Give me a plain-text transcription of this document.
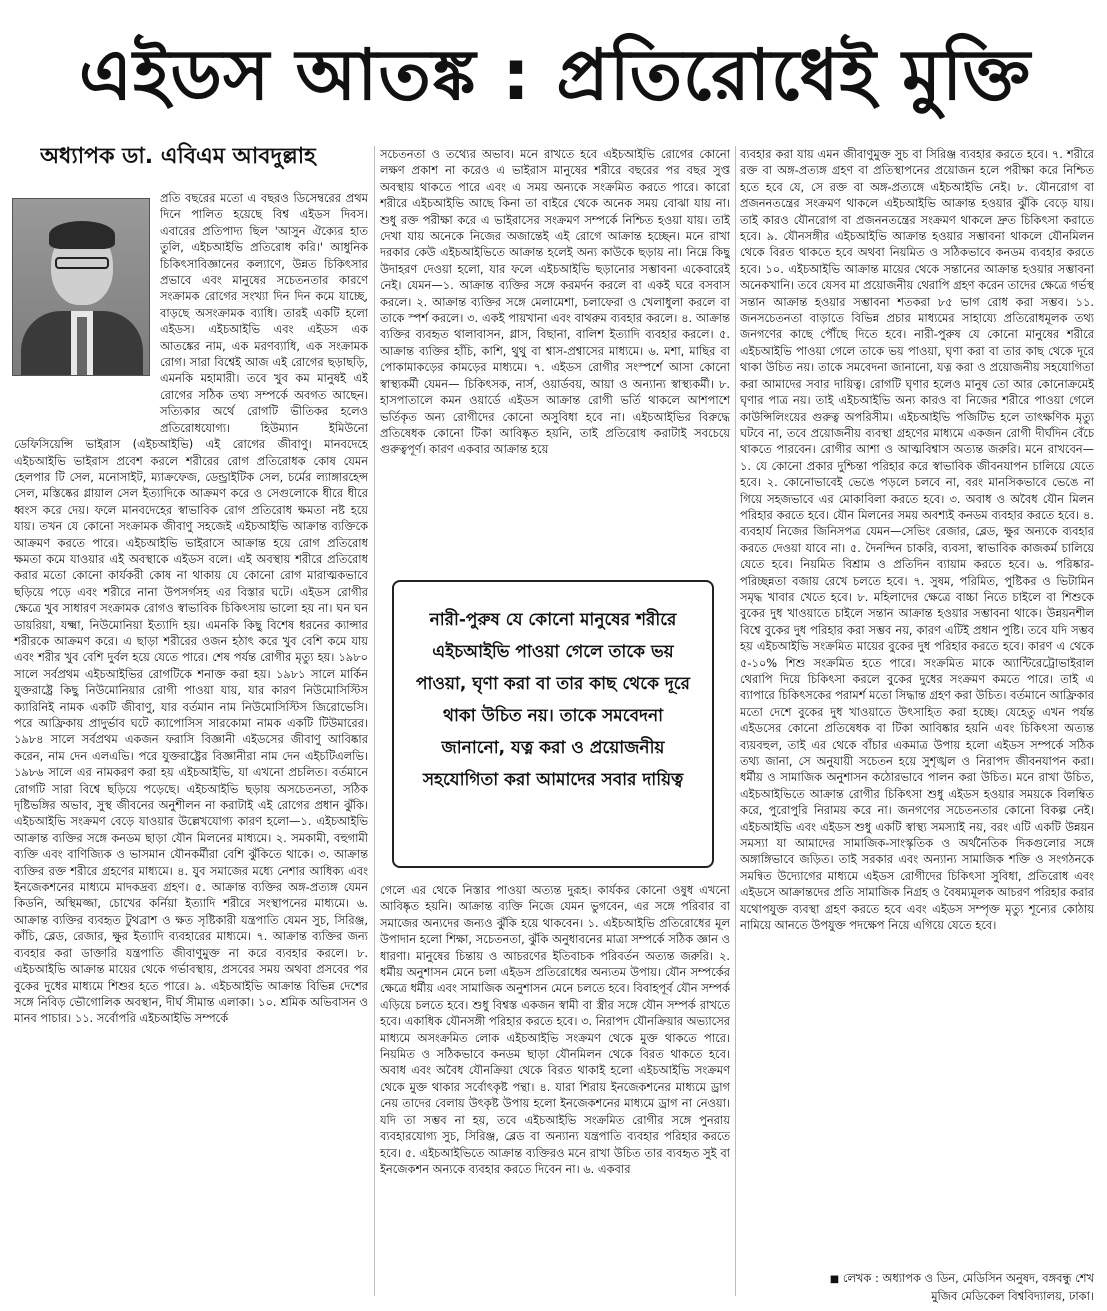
এইডস আতঙ্ক : প্রতিরোধেই মুক্তি
অধ্যাপক ডা. এবিএম আবদুল্লাহ

প্রতি বছরের মতো এ বছরও ডিসেম্বরের প্রথম দিনে পালিত হয়েছে বিশ্ব এইডস দিবস। এবারের প্রতিপাদ্য ছিল 'আসুন ঐক্যের হাত তুলি, এইচআইভি প্রতিরোধ করি।' আধুনিক চিকিৎসাবিজ্ঞানের কল্যাণে, উন্নত চিকিৎসার প্রভাবে এবং মানুষের সচেতনতার কারণে সংক্রামক রোগের সংখ্যা দিন দিন কমে যাচ্ছে, বাড়ছে অসংক্রামক ব্যাধি। তারই একটি হলো এইডস। এইচআইভি এবং এইডস এক আতঙ্কের নাম, এক মরণব্যাধি, এক সংক্রামক রোগ। সারা বিশ্বেই আজ এই রোগের ছড়াছড়ি, এমনকি মহামারী। তবে খুব কম মানুষই এই রোগের সঠিক তথ্য সম্পর্কে অবগত আছেন। সত্যিকার অর্থে রোগটি ভীতিকর হলেও প্রতিরোধযোগ্য। হিউম্যান ইমিউনো ডেফিসিয়েন্সি ভাইরাস (এইচআইভি) এই রোগের জীবাণু। মানবদেহে এইচআইভি ভাইরাস প্রবেশ করলে শরীরের রোগ প্রতিরোধক কোষ যেমন হেলপার টি সেল, মনোসাইট, ম্যাক্রফেজ, ডেন্ড্রাইটিক সেল, চর্মের ল্যাঙ্গারহেন্স সেল, মস্তিষ্কের গ্লায়াল সেল ইত্যাদিকে আক্রমণ করে ও সেগুলোকে ধীরে ধীরে ধ্বংস করে দেয়। ফলে মানবদেহের স্বাভাবিক রোগ প্রতিরোধ ক্ষমতা নষ্ট হয়ে যায়। তখন যে কোনো সংক্রামক জীবাণু সহজেই এইচআইভি আক্রান্ত ব্যক্তিকে আক্রমণ করতে পারে। এইচআইভি ভাইরাসে আক্রান্ত হয়ে রোগ প্রতিরোধ ক্ষমতা কমে যাওয়ার এই অবস্থাকে এইডস বলে। এই অবস্থায় শরীরে প্রতিরোধ করার মতো কোনো কার্যকরী কোষ না থাকায় যে কোনো রোগ মারাত্মকভাবে ছড়িয়ে পড়ে এবং শরীরে নানা উপসর্গসহ এর বিস্তার ঘটে। এইডস রোগীর ক্ষেত্রে খুব সাধারণ সংক্রামক রোগও স্বাভাবিক চিকিৎসায় ভালো হয় না। ঘন ঘন ডায়রিয়া, যক্ষ্মা, নিউমোনিয়া ইত্যাদি হয়। এমনকি কিছু বিশেষ ধরনের ক্যান্সার শরীরকে আক্রমণ করে। এ ছাড়া শরীরের ওজন হঠাৎ করে খুব বেশি কমে যায় এবং শরীর খুব বেশি দুর্বল হয়ে যেতে পারে। শেষ পর্যন্ত রোগীর মৃত্যু হয়। ১৯৮০ সালে সর্বপ্রথম এইচআইভির রোগটিকে শনাক্ত করা হয়। ১৯৮১ সালে মার্কিন যুক্তরাষ্ট্রে কিছু নিউমোনিয়ার রোগী পাওয়া যায়, যার কারণ নিউমোসিস্টিস ক্যারিনিই নামক একটি জীবাণু, যার বর্তমান নাম নিউমোসিস্টিস জিরোভেসি। পরে আফ্রিকায় প্রাদুর্ভাব ঘটে ক্যাপোসিস সারকোমা নামক একটি টিউমারের। ১৯৮৪ সালে সর্বপ্রথম একজন ফরাসি বিজ্ঞানী এইডসের জীবাণু আবিষ্কার করেন, নাম দেন এলএভি। পরে যুক্তরাষ্ট্রের বিজ্ঞানীরা নাম দেন এইচটিএলভি। ১৯৮৬ সালে এর নামকরণ করা হয় এইচআইভি, যা এখনো প্রচলিত। বর্তমানে রোগটি সারা বিশ্বে ছড়িয়ে পড়েছে। এইচআইভি ছড়ায় অসচেতনতা, সঠিক দৃষ্টিভঙ্গির অভাব, সুস্থ জীবনের অনুশীলন না করাটাই এই রোগের প্রধান ঝুঁকি। এইচআইভি সংক্রমণ বেড়ে যাওয়ার উল্লেখযোগ্য কারণ হলো—১. এইচআইভি আক্রান্ত ব্যক্তির সঙ্গে কনডম ছাড়া যৌন মিলনের মাধ্যমে। ২. সমকামী, বহুগামী ব্যক্তি এবং বাণিজ্যিক ও ভাসমান যৌনকর্মীরা বেশি ঝুঁকিতে থাকে। ৩. আক্রান্ত ব্যক্তির রক্ত শরীরে গ্রহণের মাধ্যমে। ৪. যুব সমাজের মধ্যে নেশার আধিক্য এবং ইনজেকশনের মাধ্যমে মাদকদ্রব্য গ্রহণ। ৫. আক্রান্ত ব্যক্তির অঙ্গ-প্রত্যঙ্গ যেমন কিডনি, অস্থিমজ্জা, চোখের কর্নিয়া ইত্যাদি শরীরে সংস্থাপনের মাধ্যমে। ৬. আক্রান্ত ব্যক্তির ব্যবহৃত টুথব্রাশ ও ক্ষত সৃষ্টিকারী যন্ত্রপাতি যেমন সুচ, সিরিঞ্জ, কাঁচি, ব্লেড, রেজার, ক্ষুর ইত্যাদি ব্যবহারের মাধ্যমে। ৭. আক্রান্ত ব্যক্তির জন্য ব্যবহার করা ডাক্তারি যন্ত্রপাতি জীবাণুমুক্ত না করে ব্যবহার করলে। ৮. এইচআইভি আক্রান্ত মায়ের থেকে গর্ভাবস্থায়, প্রসবের সময় অথবা প্রসবের পর বুকের দুধের মাধ্যমে শিশুর হতে পারে। ৯. এইচআইভি আক্রান্ত বিভিন্ন দেশের সঙ্গে নিবিড় ভৌগোলিক অবস্থান, দীর্ঘ সীমান্ত এলাকা। ১০. শ্রমিক অভিবাসন ও মানব পাচার। ১১. সর্বোপরি এইচআইভি সম্পর্কে

সচেতনতা ও তথ্যের অভাব। মনে রাখতে হবে এইচআইভি রোগের কোনো লক্ষণ প্রকাশ না করেও এ ভাইরাস মানুষের শরীরে বছরের পর বছর সুপ্ত অবস্থায় থাকতে পারে এবং এ সময় অন্যকে সংক্রমিত করতে পারে। কারো শরীরে এইচআইভি আছে কিনা তা বাইরে থেকে অনেক সময় বোঝা যায় না। শুধু রক্ত পরীক্ষা করে এ ভাইরাসের সংক্রমণ সম্পর্কে নিশ্চিত হওয়া যায়। তাই দেখা যায় অনেকে নিজের অজান্তেই এই রোগে আক্রান্ত হচ্ছেন। মনে রাখা দরকার কেউ এইচআইভিতে আক্রান্ত হলেই অন্য কাউকে ছড়ায় না। নিম্নে কিছু উদাহরণ দেওয়া হলো, যার ফলে এইচআইভি ছড়ানোর সম্ভাবনা একেবারেই নেই। যেমন—১. আক্রান্ত ব্যক্তির সঙ্গে করমর্দন করলে বা একই ঘরে বসবাস করলে। ২. আক্রান্ত ব্যক্তির সঙ্গে মেলামেশা, চলাফেরা ও খেলাধুলা করলে বা তাকে স্পর্শ করলে। ৩. একই পায়খানা এবং বাথরুম ব্যবহার করলে। ৪. আক্রান্ত ব্যক্তির ব্যবহৃত থালাবাসন, গ্লাস, বিছানা, বালিশ ইত্যাদি ব্যবহার করলে। ৫. আক্রান্ত ব্যক্তির হাঁচি, কাশি, থুথু বা শ্বাস-প্রশ্বাসের মাধ্যমে। ৬. মশা, মাছির বা পোকামাকড়ের কামড়ের মাধ্যমে। ৭. এইডস রোগীর সংস্পর্শে আসা কোনো স্বাস্থ্যকর্মী যেমন— চিকিৎসক, নার্স, ওয়ার্ডবয়, আয়া ও অন্যান্য স্বাস্থ্যকর্মী। ৮. হাসপাতালে কমন ওয়ার্ডে এইডস আক্রান্ত রোগী ভর্তি থাকলে আশপাশে ভর্তিকৃত অন্য রোগীদের কোনো অসুবিধা হবে না। এইচআইভির বিরুদ্ধে প্রতিষেধক কোনো টিকা আবিষ্কৃত হয়নি, তাই প্রতিরোধ করাটাই সবচেয়ে গুরুত্বপূর্ণ। কারণ একবার আক্রান্ত হয়ে

নারী-পুরুষ যে কোনো মানুষের শরীরে এইচআইভি পাওয়া গেলে তাকে ভয় পাওয়া, ঘৃণা করা বা তার কাছ থেকে দূরে থাকা উচিত নয়। তাকে সমবেদনা জানানো, যত্ন করা ও প্রয়োজনীয় সহযোগিতা করা আমাদের সবার দায়িত্ব

গেলে এর থেকে নিস্তার পাওয়া অত্যন্ত দুরূহ। কার্যকর কোনো ওষুধ এখনো আবিষ্কৃত হয়নি। আক্রান্ত ব্যক্তি নিজে যেমন ভুগবেন, এর সঙ্গে পরিবার বা সমাজের অন্যদের জন্যও ঝুঁকি হয়ে থাকবেন। ১. এইচআইভি প্রতিরোধের মূল উপাদান হলো শিক্ষা, সচেতনতা, ঝুঁকি অনুধাবনের মাত্রা সম্পর্কে সঠিক জ্ঞান ও ধারণা। মানুষের চিন্তায় ও আচরণের ইতিবাচক পরিবর্তন অত্যন্ত জরুরি। ২. ধর্মীয় অনুশাসন মেনে চলা এইডস প্রতিরোধের অন্যতম উপায়। যৌন সম্পর্কের ক্ষেত্রে ধর্মীয় এবং সামাজিক অনুশাসন মেনে চলতে হবে। বিবাহপূর্ব যৌন সম্পর্ক এড়িয়ে চলতে হবে। শুধু বিশ্বস্ত একজন স্বামী বা স্ত্রীর সঙ্গে যৌন সম্পর্ক রাখতে হবে। একাধিক যৌনসঙ্গী পরিহার করতে হবে। ৩. নিরাপদ যৌনক্রিয়ার অভ্যাসের মাধ্যমে অসংক্রমিত লোক এইচআইভি সংক্রমণ থেকে মুক্ত থাকতে পারে। নিয়মিত ও সঠিকভাবে কনডম ছাড়া যৌনমিলন থেকে বিরত থাকতে হবে। অবাধ এবং অবৈধ যৌনক্রিয়া থেকে বিরত থাকাই হলো এইচআইভি সংক্রমণ থেকে মুক্ত থাকার সর্বোৎকৃষ্ট পন্থা। ৪. যারা শিরায় ইনজেকশনের মাধ্যমে ড্রাগ নেয় তাদের বেলায় উৎকৃষ্ট উপায় হলো ইনজেকশনের মাধ্যমে ড্রাগ না নেওয়া। যদি তা সম্ভব না হয়, তবে এইচআইভি সংক্রমিত রোগীর সঙ্গে পুনরায় ব্যবহারযোগ্য সুচ, সিরিঞ্জ, ব্লেড বা অন্যান্য যন্ত্রপাতি ব্যবহার পরিহার করতে হবে। ৫. এইচআইভিতে আক্রান্ত ব্যক্তিরও মনে রাখা উচিত তার ব্যবহৃত সুই বা ইনজেকশন অন্যকে ব্যবহার করতে দিবেন না। ৬. একবার

ব্যবহার করা যায় এমন জীবাণুমুক্ত সুচ বা সিরিঞ্জ ব্যবহার করতে হবে। ৭. শরীরে রক্ত বা অঙ্গ-প্রত্যঙ্গ গ্রহণ বা প্রতিস্থাপনের প্রয়োজন হলে পরীক্ষা করে নিশ্চিত হতে হবে যে, সে রক্ত বা অঙ্গ-প্রত্যঙ্গে এইচআইভি নেই। ৮. যৌনরোগ বা প্রজননতন্ত্রের সংক্রমণ থাকলে এইচআইভি আক্রান্ত হওয়ার ঝুঁকি বেড়ে যায়। তাই কারও যৌনরোগ বা প্রজননতন্ত্রের সংক্রমণ থাকলে দ্রুত চিকিৎসা করাতে হবে। ৯. যৌনসঙ্গীর এইচআইভি আক্রান্ত হওয়ার সম্ভাবনা থাকলে যৌনমিলন থেকে বিরত থাকতে হবে অথবা নিয়মিত ও সঠিকভাবে কনডম ব্যবহার করতে হবে। ১০. এইচআইভি আক্রান্ত মায়ের থেকে সন্তানের আক্রান্ত হওয়ার সম্ভাবনা অনেকখানি। তবে যেসব মা প্রয়োজনীয় থেরাপি গ্রহণ করেন তাদের ক্ষেত্রে গর্ভস্থ সন্তান আক্রান্ত হওয়ার সম্ভাবনা শতকরা ৮৫ ভাগ রোধ করা সম্ভব। ১১. জনসচেতনতা বাড়াতে বিভিন্ন প্রচার মাধ্যমের সাহায্যে প্রতিরোধমূলক তথ্য জনগণের কাছে পৌঁছে দিতে হবে। নারী-পুরুষ যে কোনো মানুষের শরীরে এইচআইভি পাওয়া গেলে তাকে ভয় পাওয়া, ঘৃণা করা বা তার কাছ থেকে দূরে থাকা উচিত নয়। তাকে সমবেদনা জানানো, যত্ন করা ও প্রয়োজনীয় সহযোগিতা করা আমাদের সবার দায়িত্ব। রোগটি ঘৃণার হলেও মানুষ তো আর কোনোক্রমেই ঘৃণার পাত্র নয়। তাই এইচআইভি অন্য কারও বা নিজের শরীরে পাওয়া গেলে কাউন্সিলিংয়ের গুরুত্ব অপরিসীম। এইচআইভি পজিটিভ হলে তাৎক্ষণিক মৃত্যু ঘটবে না, তবে প্রয়োজনীয় ব্যবস্থা গ্রহণের মাধ্যমে একজন রোগী দীর্ঘদিন বেঁচে থাকতে পারবেন। রোগীর আশা ও আত্মবিশ্বাস অত্যন্ত জরুরি। মনে রাখবেন— ১. যে কোনো প্রকার দুশ্চিন্তা পরিহার করে স্বাভাবিক জীবনযাপন চালিয়ে যেতে হবে। ২. কোনোভাবেই ভেঙে পড়লে চলবে না, বরং মানসিকভাবে ভেঙে না গিয়ে সহজভাবে এর মোকাবিলা করতে হবে। ৩. অবাধ ও অবৈধ যৌন মিলন পরিহার করতে হবে। যৌন মিলনের সময় অবশ্যই কনডম ব্যবহার করতে হবে। ৪. ব্যবহার্য নিজের জিনিসপত্র যেমন—সেভিং রেজার, ব্লেড, ক্ষুর অন্যকে ব্যবহার করতে দেওয়া যাবে না। ৫. দৈনন্দিন চাকরি, ব্যবসা, স্বাভাবিক কাজকর্ম চালিয়ে যেতে হবে। নিয়মিত বিশ্রাম ও প্রতিদিন ব্যায়াম করতে হবে। ৬. পরিষ্কার-পরিচ্ছন্নতা বজায় রেখে চলতে হবে। ৭. সুষম, পরিমিত, পুষ্টিকর ও ভিটামিন সমৃদ্ধ খাবার খেতে হবে। ৮. মহিলাদের ক্ষেত্রে বাচ্চা নিতে চাইলে বা শিশুকে বুকের দুধ খাওয়াতে চাইলে সন্তান আক্রান্ত হওয়ার সম্ভাবনা থাকে। উন্নয়নশীল বিশ্বে বুকের দুধ পরিহার করা সম্ভব নয়, কারণ এটিই প্রধান পুষ্টি। তবে যদি সম্ভব হয় এইচআইভি সংক্রমিত মায়ের বুকের দুধ পরিহার করতে হবে। কারণ এ থেকে ৫-১০% শিশু সংক্রমিত হতে পারে। সংক্রমিত মাকে অ্যান্টিরেট্রোভাইরাল থেরাপি দিয়ে চিকিৎসা করলে বুকের দুধের সংক্রমণ কমতে পারে। তাই এ ব্যাপারে চিকিৎসকের পরামর্শ মতো সিদ্ধান্ত গ্রহণ করা উচিত। বর্তমানে আফ্রিকার মতো দেশে বুকের দুধ খাওয়াতে উৎসাহিত করা হচ্ছে। যেহেতু এখন পর্যন্ত এইডসের কোনো প্রতিষেধক বা টিকা আবিষ্কার হয়নি এবং চিকিৎসা অত্যন্ত ব্যয়বহুল, তাই এর থেকে বাঁচার একমাত্র উপায় হলো এইডস সম্পর্কে সঠিক তথ্য জানা, সে অনুযায়ী সচেতন হয়ে সুশৃঙ্খল ও নিরাপদ জীবনযাপন করা। ধর্মীয় ও সামাজিক অনুশাসন কঠোরভাবে পালন করা উচিত। মনে রাখা উচিত, এইচআইভিতে আক্রান্ত রোগীর চিকিৎসা শুধু এইডস হওয়ার সময়কে বিলম্বিত করে, পুরোপুরি নিরাময় করে না। জনগণের সচেতনতার কোনো বিকল্প নেই। এইচআইভি এবং এইডস শুধু একটি স্বাস্থ্য সমস্যাই নয়, বরং এটি একটি উন্নয়ন সমস্যা যা আমাদের সামাজিক-সাংস্কৃতিক ও অর্থনৈতিক দিকগুলোর সঙ্গে অঙ্গাঙ্গিভাবে জড়িত। তাই সরকার এবং অন্যান্য সামাজিক শক্তি ও সংগঠনকে সমন্বিত উদ্যোগের মাধ্যমে এইডস রোগীদের চিকিৎসা সুবিধা, প্রতিরোধ এবং এইডসে আক্রান্তদের প্রতি সামাজিক নিগ্রহ ও বৈষম্যমূলক আচরণ পরিহার করার যথোপযুক্ত ব্যবস্থা গ্রহণ করতে হবে এবং এইডস সম্পৃক্ত মৃত্যু শূন্যের কোঠায় নামিয়ে আনতে উপযুক্ত পদক্ষেপ নিয়ে এগিয়ে যেতে হবে।

■ লেখক : অধ্যাপক ও ডিন, মেডিসিন অনুষদ, বঙ্গবন্ধু শেখ
মুজিব মেডিকেল বিশ্ববিদ্যালয়, ঢাকা।
